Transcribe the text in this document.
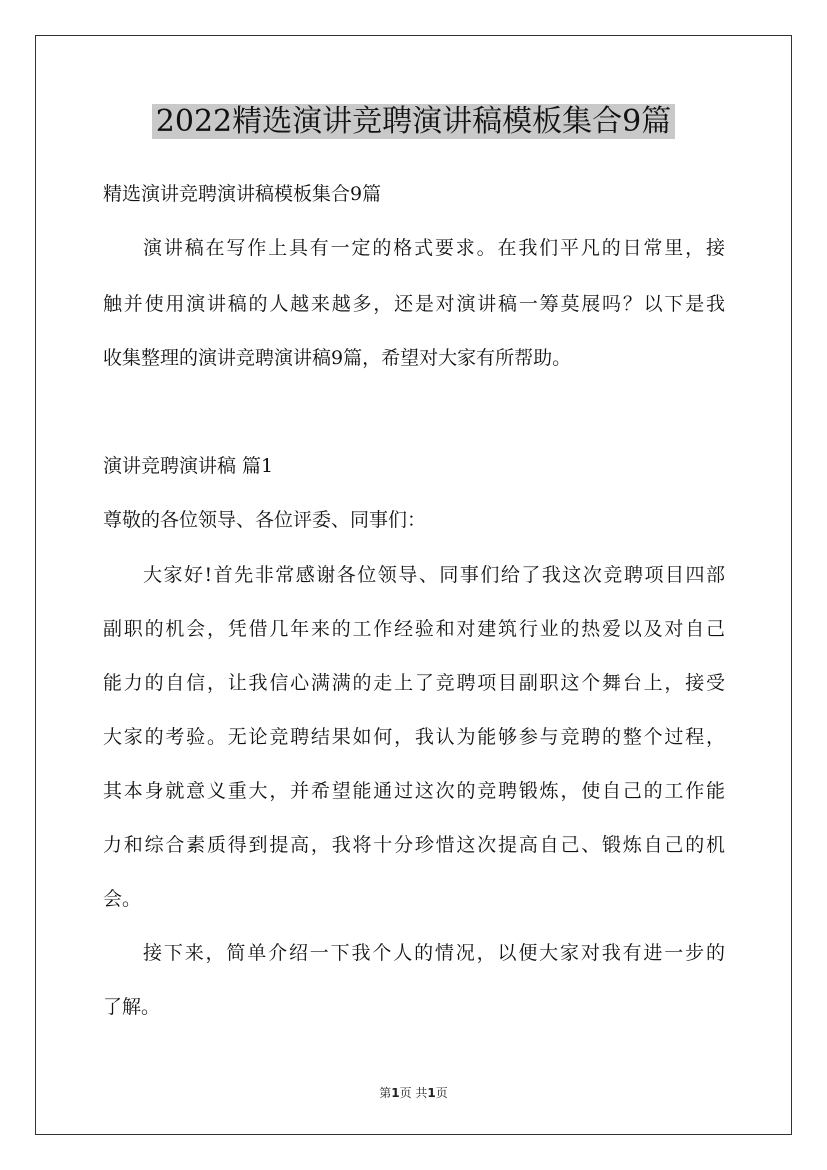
2022精选演讲竞聘演讲稿模板集合9篇
精选演讲竞聘演讲稿模板集合9篇
演讲稿在写作上具有一定的格式要求。在我们平凡的日常里，接
触并使用演讲稿的人越来越多，还是对演讲稿一筹莫展吗？以下是我
收集整理的演讲竞聘演讲稿9篇，希望对大家有所帮助。
演讲竞聘演讲稿 篇1
尊敬的各位领导、各位评委、同事们：
大家好!首先非常感谢各位领导、同事们给了我这次竞聘项目四部
副职的机会，凭借几年来的工作经验和对建筑行业的热爱以及对自己
能力的自信，让我信心满满的走上了竞聘项目副职这个舞台上，接受
大家的考验。无论竞聘结果如何，我认为能够参与竞聘的整个过程，
其本身就意义重大，并希望能通过这次的竞聘锻炼，使自己的工作能
力和综合素质得到提高，我将十分珍惜这次提高自己、锻炼自己的机
会。
接下来，简单介绍一下我个人的情况，以便大家对我有进一步的
了解。
第1页 共1页
